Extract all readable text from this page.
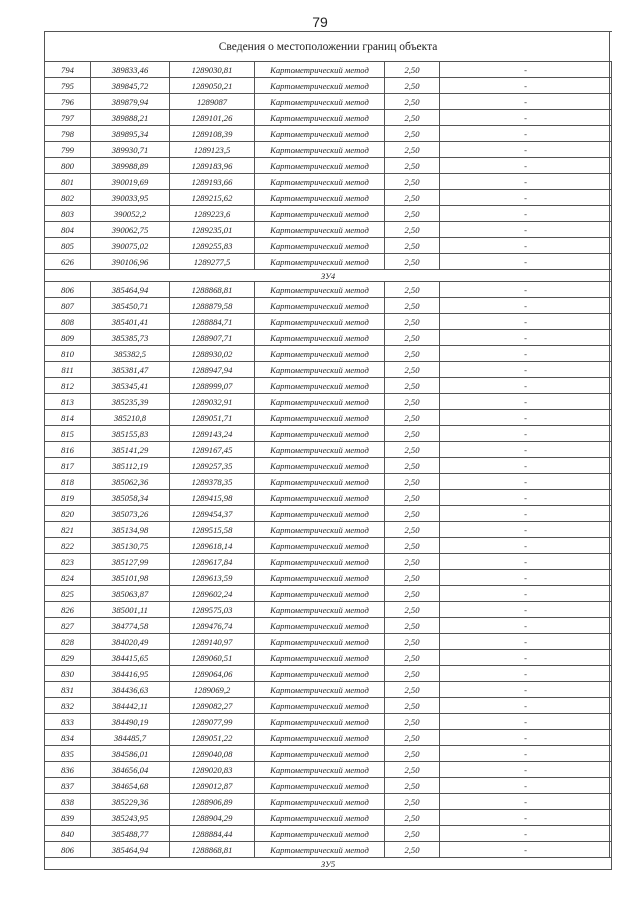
79
Сведения о местоположении границ объекта					
794	389833,46	1289030,81	Картометрический метод	2,50	-
795	389845,72	1289050,21	Картометрический метод	2,50	-
796	389879,94	1289087	Картометрический метод	2,50	-
797	389888,21	1289101,26	Картометрический метод	2,50	-
798	389895,34	1289108,39	Картометрический метод	2,50	-
799	389930,71	1289123,5	Картометрический метод	2,50	-
800	389988,89	1289183,96	Картометрический метод	2,50	-
801	390019,69	1289193,66	Картометрический метод	2,50	-
802	390033,95	1289215,62	Картометрический метод	2,50	-
803	390052,2	1289223,6	Картометрический метод	2,50	-
804	390062,75	1289235,01	Картометрический метод	2,50	-
805	390075,02	1289255,83	Картометрический метод	2,50	-
626	390106,96	1289277,5	Картометрический метод	2,50	-
ЗУ4					
806	385464,94	1288868,81	Картометрический метод	2,50	-
807	385450,71	1288879,58	Картометрический метод	2,50	-
808	385401,41	1288884,71	Картометрический метод	2,50	-
809	385385,73	1288907,71	Картометрический метод	2,50	-
810	385382,5	1288930,02	Картометрический метод	2,50	-
811	385381,47	1288947,94	Картометрический метод	2,50	-
812	385345,41	1288999,07	Картометрический метод	2,50	-
813	385235,39	1289032,91	Картометрический метод	2,50	-
814	385210,8	1289051,71	Картометрический метод	2,50	-
815	385155,83	1289143,24	Картометрический метод	2,50	-
816	385141,29	1289167,45	Картометрический метод	2,50	-
817	385112,19	1289257,35	Картометрический метод	2,50	-
818	385062,36	1289378,35	Картометрический метод	2,50	-
819	385058,34	1289415,98	Картометрический метод	2,50	-
820	385073,26	1289454,37	Картометрический метод	2,50	-
821	385134,98	1289515,58	Картометрический метод	2,50	-
822	385130,75	1289618,14	Картометрический метод	2,50	-
823	385127,99	1289617,84	Картометрический метод	2,50	-
824	385101,98	1289613,59	Картометрический метод	2,50	-
825	385063,87	1289602,24	Картометрический метод	2,50	-
826	385001,11	1289575,03	Картометрический метод	2,50	-
827	384774,58	1289476,74	Картометрический метод	2,50	-
828	384020,49	1289140,97	Картометрический метод	2,50	-
829	384415,65	1289060,51	Картометрический метод	2,50	-
830	384416,95	1289064,06	Картометрический метод	2,50	-
831	384436,63	1289069,2	Картометрический метод	2,50	-
832	384442,11	1289082,27	Картометрический метод	2,50	-
833	384490,19	1289077,99	Картометрический метод	2,50	-
834	384485,7	1289051,22	Картометрический метод	2,50	-
835	384586,01	1289040,08	Картометрический метод	2,50	-
836	384656,04	1289020,83	Картометрический метод	2,50	-
837	384654,68	1289012,87	Картометрический метод	2,50	-
838	385229,36	1288906,89	Картометрический метод	2,50	-
839	385243,95	1288904,29	Картометрический метод	2,50	-
840	385488,77	1288884,44	Картометрический метод	2,50	-
806	385464,94	1288868,81	Картометрический метод	2,50	-
ЗУ5					
